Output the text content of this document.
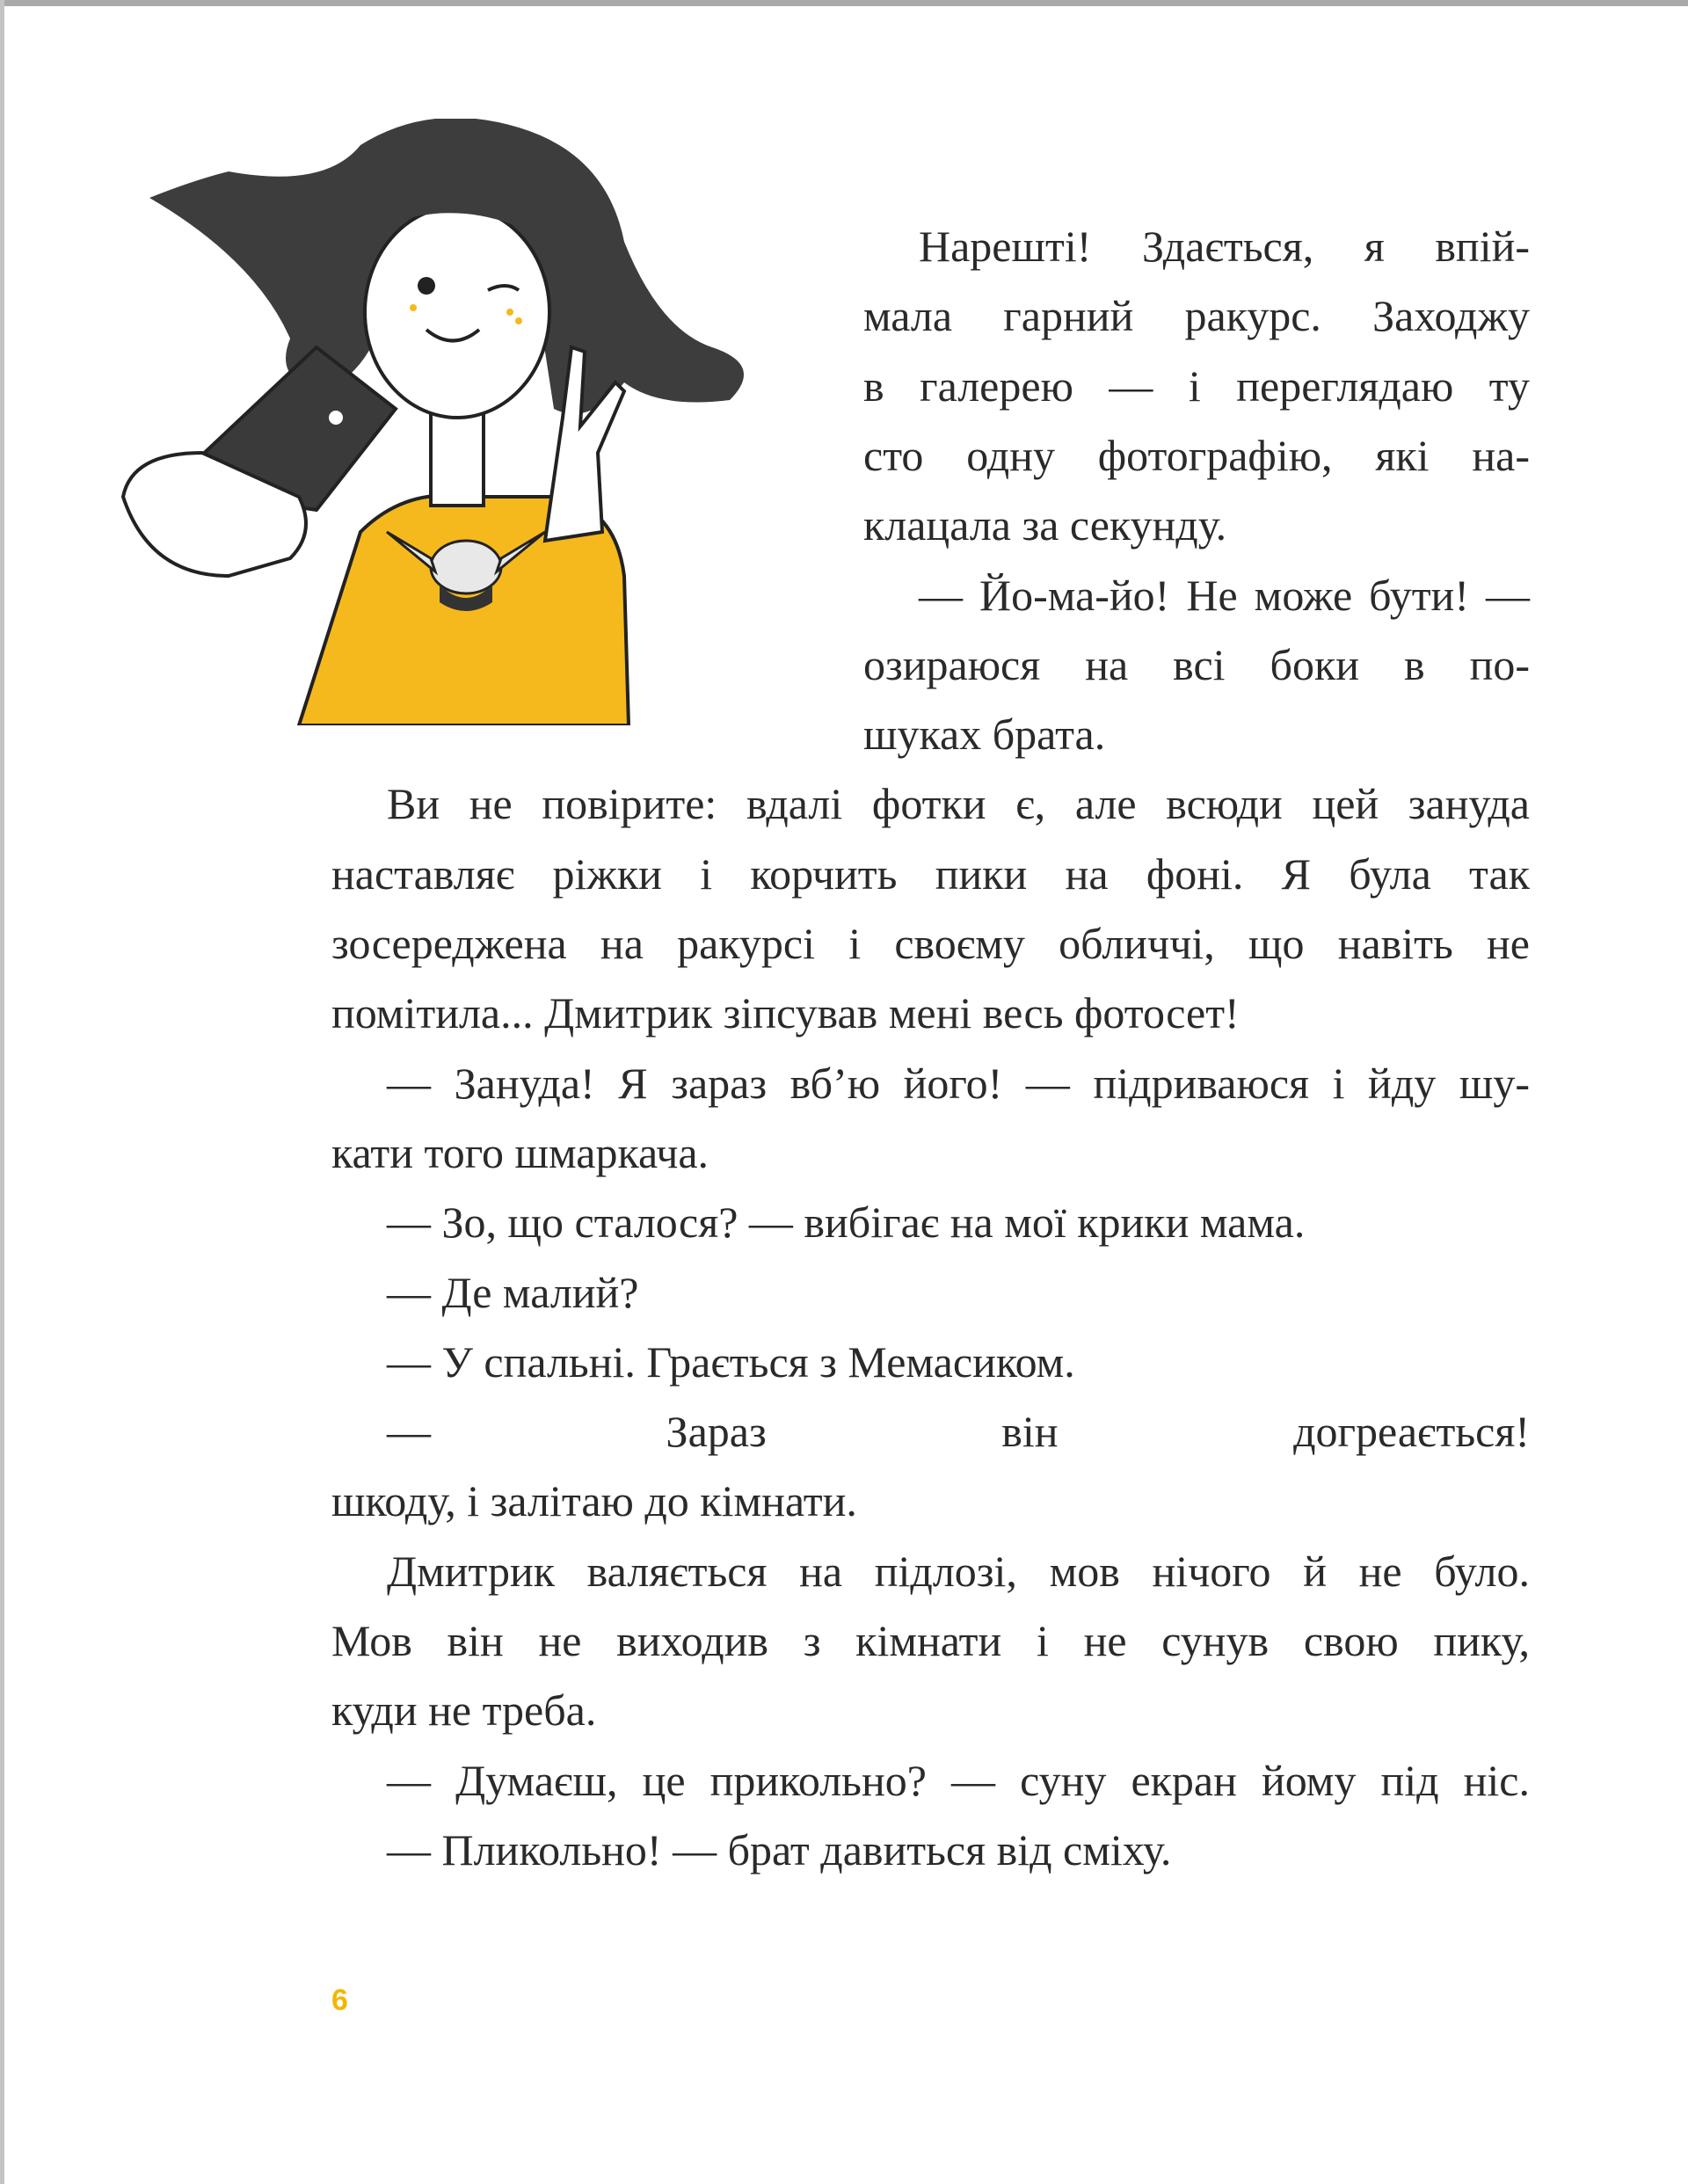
Нарешті! Здається, я впій-
мала гарний ракурс. Заходжу
в галерею — і переглядаю ту
сто одну фотографію, які на-
клацала за секунду.
— Йо-ма-йо! Не може бути! —
озираюся на всі боки в по-
шуках брата.
Ви не повірите: вдалі фотки є, але всюди цей зануда
наставляє ріжки і корчить пики на фоні. Я була так
зосереджена на ракурсі і своєму обличчі, що навіть не
помітила... Дмитрик зіпсував мені весь фотосет!
— Зануда! Я зараз вб’ю його! — підриваюся і йду шу-
кати того шмаркача.
— Зо, що сталося? — вибігає на мої крики мама.
— Де малий?
— У спальні. Грається з Мемасиком.
— Зараз він догреається!
шкоду, і залітаю до кімнати.
Дмитрик валяється на підлозі, мов нічого й не було.
Мов він не виходив з кімнати і не сунув свою пику,
куди не треба.
— Думаєш, це прикольно? — суну екран йому під ніс.
— Пликольно! — брат давиться від сміху.
6
